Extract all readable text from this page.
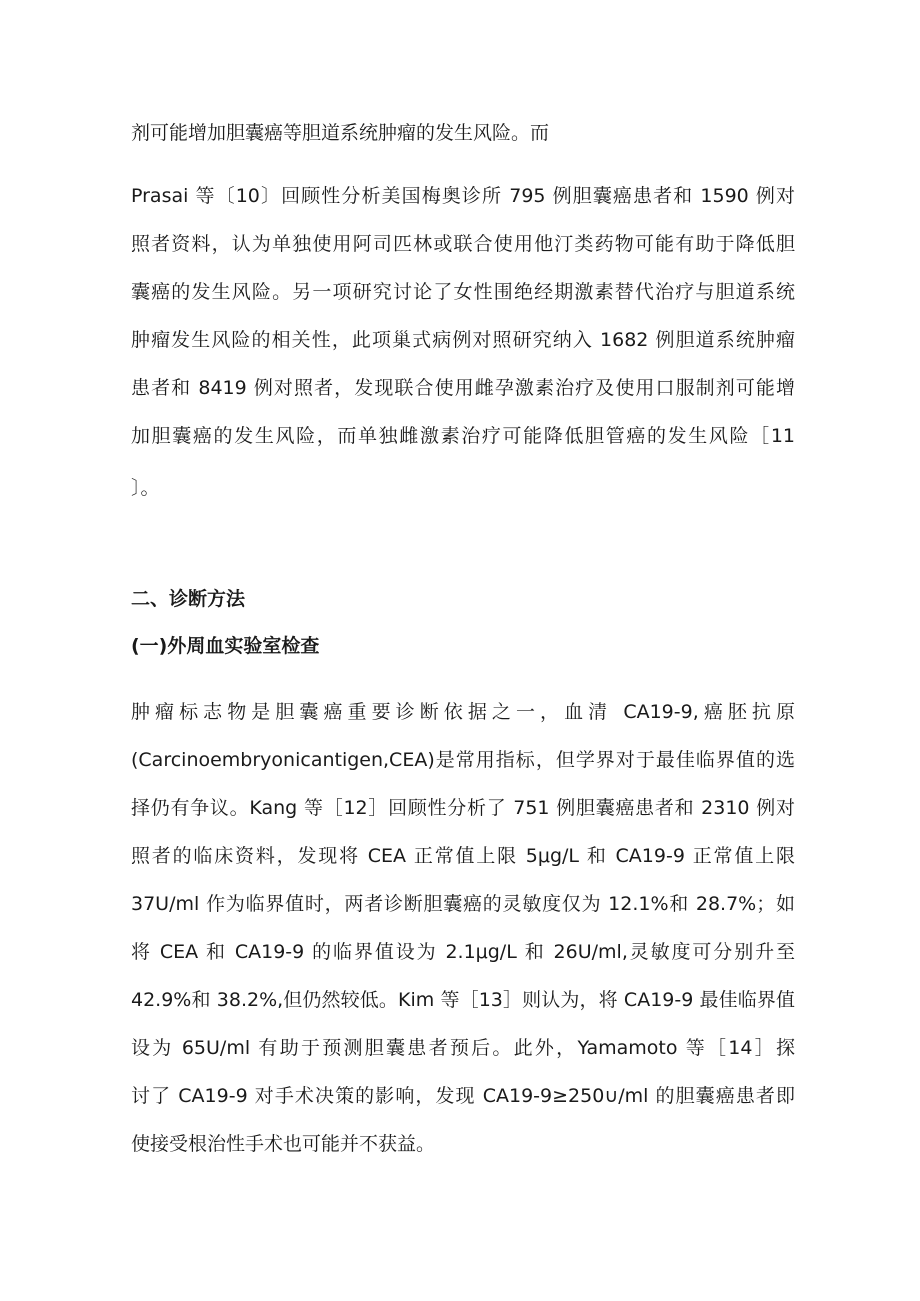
剂可能增加胆囊癌等胆道系统肿瘤的发生风险。而
Prasai 等〔10〕回顾性分析美国梅奥诊所 795 例胆囊癌患者和 1590 例对
照者资料，认为单独使用阿司匹林或联合使用他汀类药物可能有助于降低胆
囊癌的发生风险。另一项研究讨论了女性围绝经期激素替代治疗与胆道系统
肿瘤发生风险的相关性，此项巢式病例对照研究纳入 1682 例胆道系统肿瘤
患者和 8419 例对照者，发现联合使用雌孕激素治疗及使用口服制剂可能增
加胆囊癌的发生风险，而单独雌激素治疗可能降低胆管癌的发生风险［11
〕。
二、诊断方法
(一)外周血实验室检查
肿瘤标志物是胆囊癌重要诊断依据之一，血清 CA19-9,癌胚抗原
(Carcinoembryonicantigen,CEA)是常用指标，但学界对于最佳临界值的选
择仍有争议。Kang 等［12］回顾性分析了 751 例胆囊癌患者和 2310 例对
照者的临床资料，发现将 CEA 正常值上限 5μg/L 和 CA19-9 正常值上限
37U/ml 作为临界值时，两者诊断胆囊癌的灵敏度仅为 12.1%和 28.7%；如
将 CEA 和 CA19-9 的临界值设为 2.1μg/L 和 26U/ml,灵敏度可分别升至
42.9%和 38.2%,但仍然较低。Kim 等［13］则认为，将 CA19-9 最佳临界值
设为 65U/ml 有助于预测胆囊患者预后。此外，Yamamoto 等［14］探
讨了 CA19-9 对手术决策的影响，发现 CA19-9≥250∪/ml 的胆囊癌患者即
使接受根治性手术也可能并不获益。
